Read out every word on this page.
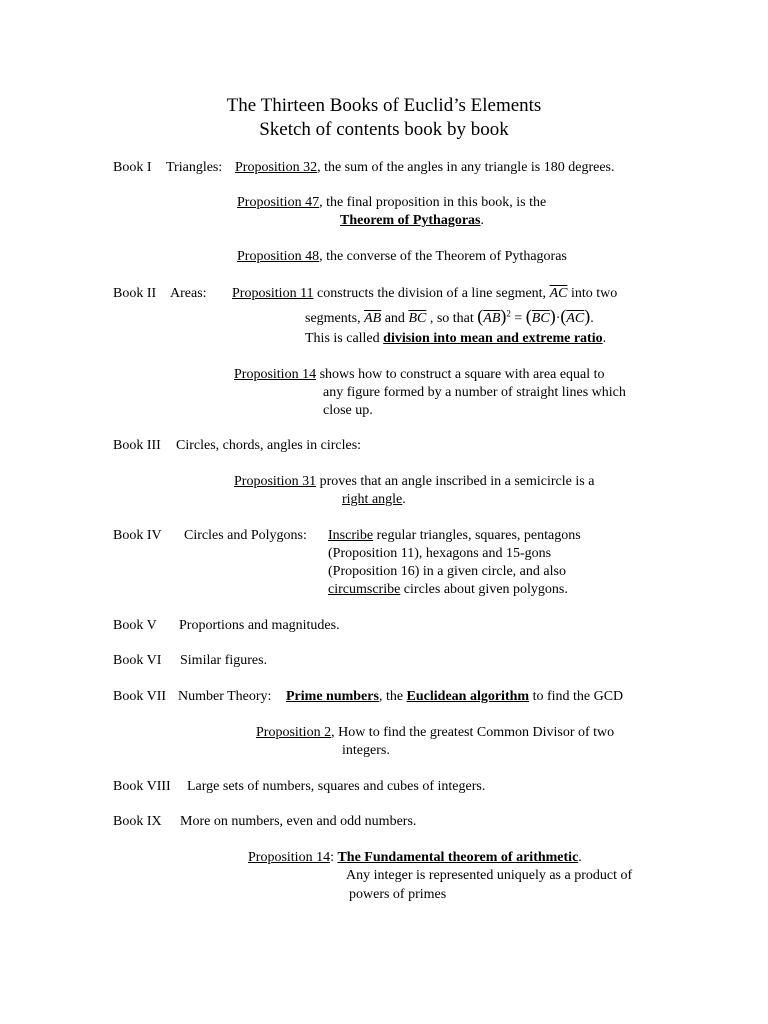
The Thirteen Books of Euclid’s Elements
Sketch of contents book by book
Book I Triangles: Proposition 32, the sum of the angles in any triangle is 180 degrees.
Proposition 47, the final proposition in this book, is the
Theorem of Pythagoras.
Proposition 48, the converse of the Theorem of Pythagoras
Book II Areas: Proposition 11 constructs the division of a line segment, $\overline{AC}$ into two
segments, $\overline{AB}$ and $\overline{BC}$ , so that $(\overline{AB})^2 = (\overline{BC})\cdot(\overline{AC})$.
This is called division into mean and extreme ratio.
Proposition 14 shows how to construct a square with area equal to
any figure formed by a number of straight lines which
close up.
Book III Circles, chords, angles in circles:
Proposition 31 proves that an angle inscribed in a semicircle is a
right angle.
Book IV Circles and Polygons: Inscribe regular triangles, squares, pentagons
(Proposition 11), hexagons and 15-gons
(Proposition 16) in a given circle, and also
circumscribe circles about given polygons.
Book V Proportions and magnitudes.
Book VI Similar figures.
Book VII Number Theory: Prime numbers, the Euclidean algorithm to find the GCD
Proposition 2, How to find the greatest Common Divisor of two
integers.
Book VIII Large sets of numbers, squares and cubes of integers.
Book IX More on numbers, even and odd numbers.
Proposition 14: The Fundamental theorem of arithmetic.
Any integer is represented uniquely as a product of
powers of primes
